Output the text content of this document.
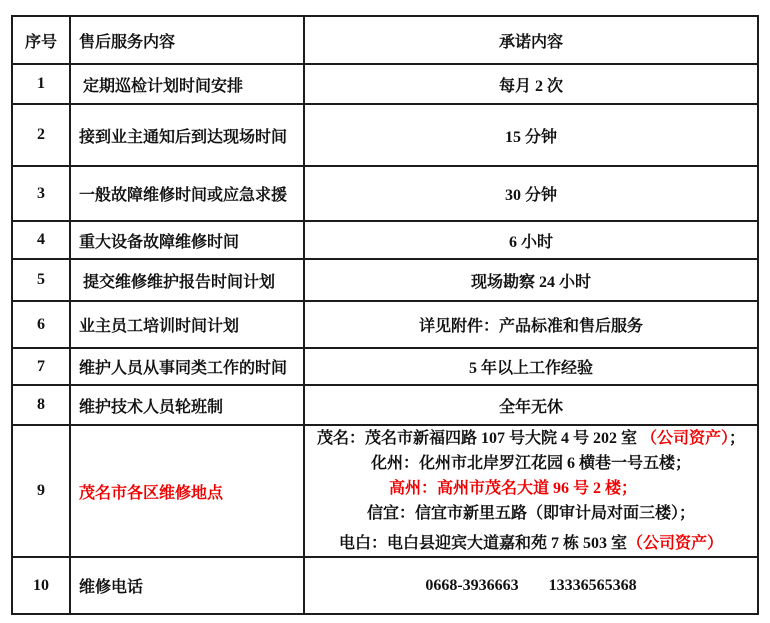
序号	售后服务内容	承诺内容
1	定期巡检计划时间安排	每月 2 次
2	接到业主通知后到达现场时间	15 分钟
3	一般故障维修时间或应急求援	30 分钟
4	重大设备故障维修时间	6 小时
5	提交维修维护报告时间计划	现场勘察 24 小时
6	业主员工培训时间计划	详见附件：产品标准和售后服务
7	维护人员从事同类工作的时间	5 年以上工作经验
8	维护技术人员轮班制	全年无休
9	茂名市各区维修地点	茂名：茂名市新福四路 107 号大院 4 号 202 室 （公司资产）；
化州：化州市北岸罗江花园 6 横巷一号五楼；
高州：高州市茂名大道 96 号 2 楼；
信宜：信宜市新里五路（即审计局对面三楼）；
电白：电白县迎宾大道嘉和苑 7 栋 503 室（公司资产）

10	维修电话	0668-3936663 13336565368
